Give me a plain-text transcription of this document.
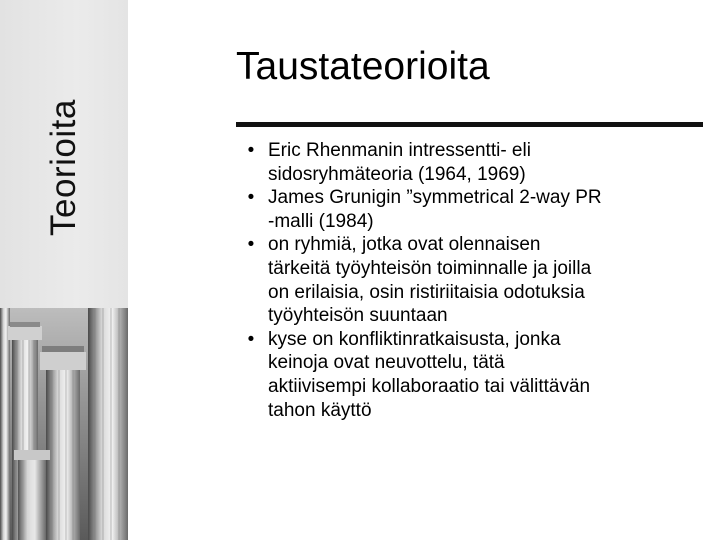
Teorioita
Taustateorioita
• Eric Rhenmanin intressentti- eli
sidosryhmäteoria (1964, 1969)
• James Grunigin ”symmetrical 2-way PR
-malli (1984)
• on ryhmiä, jotka ovat olennaisen
tärkeitä työyhteisön toiminnalle ja joilla
on erilaisia, osin ristiriitaisia odotuksia
työyhteisön suuntaan
• kyse on konfliktinratkaisusta, jonka
keinoja ovat neuvottelu, tätä
aktiivisempi kollaboraatio tai välittävän
tahon käyttö
